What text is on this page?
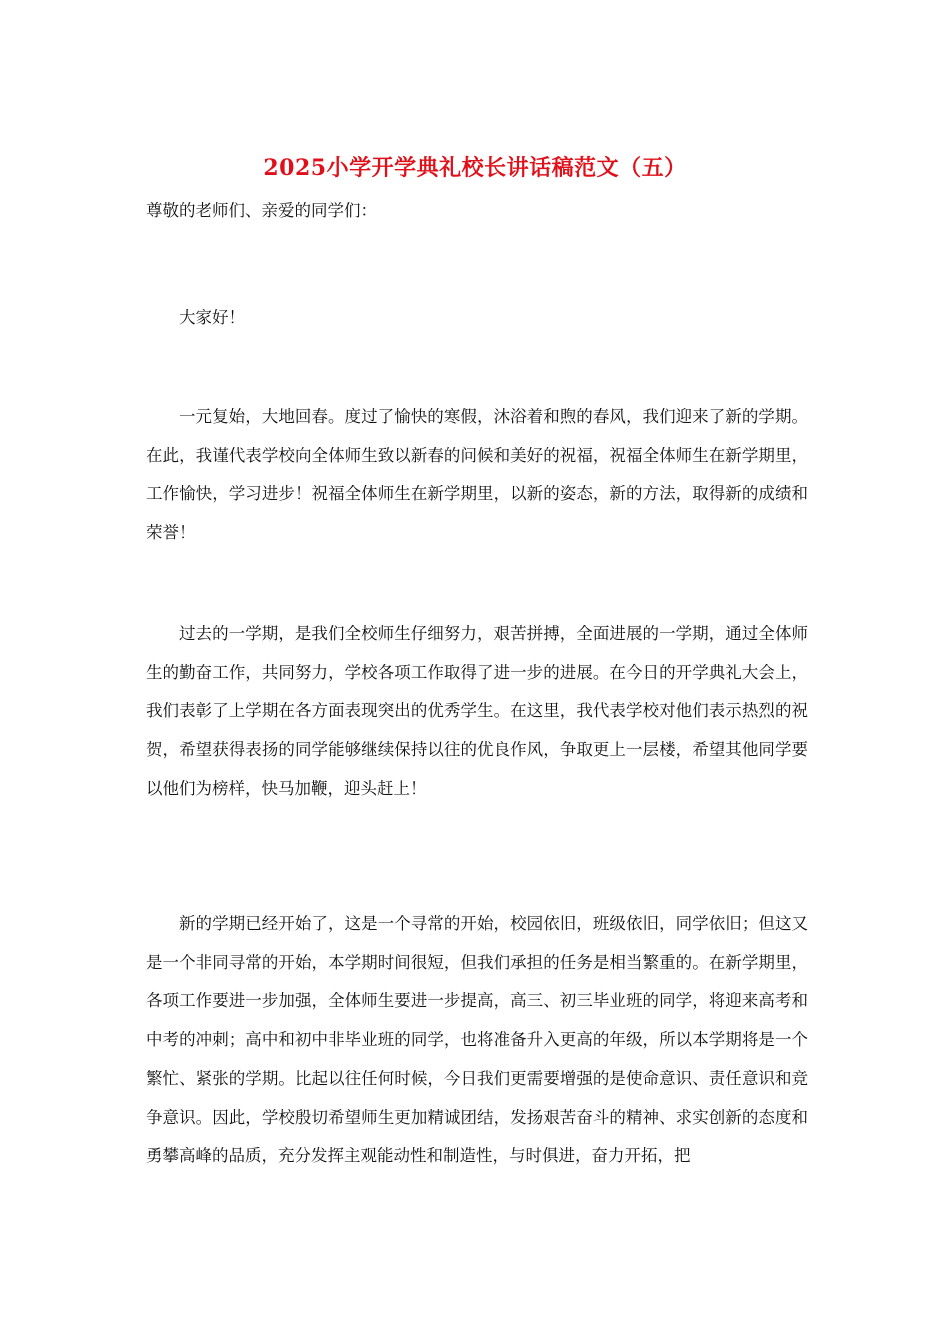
2025小学开学典礼校长讲话稿范文（五）
尊敬的老师们、亲爱的同学们：

大家好！

一元复始，大地回春。度过了愉快的寒假，沐浴着和煦的春风，我们迎来了新的学期。在此，我谨代表学校向全体师生致以新春的问候和美好的祝福，祝福全体师生在新学期里，工作愉快，学习进步！祝福全体师生在新学期里，以新的姿态，新的方法，取得新的成绩和荣誉！

过去的一学期，是我们全校师生仔细努力，艰苦拼搏，全面进展的一学期，通过全体师生的勤奋工作，共同努力，学校各项工作取得了进一步的进展。在今日的开学典礼大会上，我们表彰了上学期在各方面表现突出的优秀学生。在这里，我代表学校对他们表示热烈的祝贺，希望获得表扬的同学能够继续保持以往的优良作风，争取更上一层楼，希望其他同学要以他们为榜样，快马加鞭，迎头赶上！

新的学期已经开始了，这是一个寻常的开始，校园依旧，班级依旧，同学依旧；但这又是一个非同寻常的开始，本学期时间很短，但我们承担的任务是相当繁重的。在新学期里，各项工作要进一步加强，全体师生要进一步提高，高三、初三毕业班的同学，将迎来高考和中考的冲刺；高中和初中非毕业班的同学，也将准备升入更高的年级，所以本学期将是一个繁忙、紧张的学期。比起以往任何时候，今日我们更需要增强的是使命意识、责任意识和竞争意识。因此，学校殷切希望师生更加精诚团结，发扬艰苦奋斗的精神、求实创新的态度和勇攀高峰的品质，充分发挥主观能动性和制造性，与时俱进，奋力开拓，把
